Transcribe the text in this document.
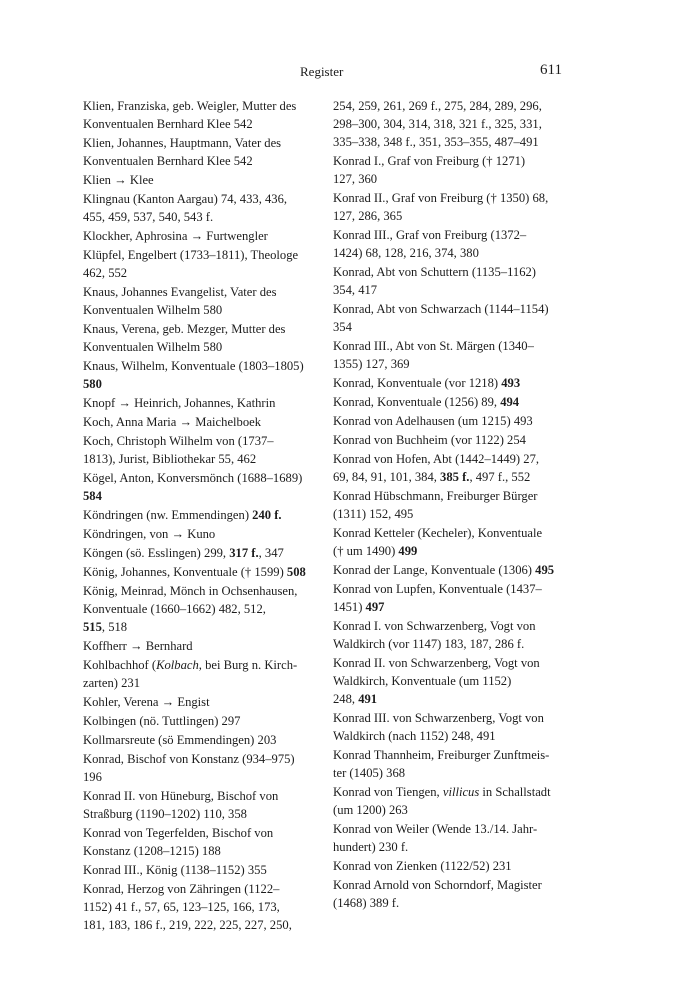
Register	611
Klien, Franziska, geb. Weigler, Mutter des
Konventualen Bernhard Klee 542
Klien, Johannes, Hauptmann, Vater des
Konventualen Bernhard Klee 542
Klien → Klee
Klingnau (Kanton Aargau) 74, 433, 436,
455, 459, 537, 540, 543 f.
Klockher, Aphrosina → Furtwengler
Klüpfel, Engelbert (1733–1811), Theologe
462, 552
Knaus, Johannes Evangelist, Vater des
Konventualen Wilhelm 580
Knaus, Verena, geb. Mezger, Mutter des
Konventualen Wilhelm 580
Knaus, Wilhelm, Konventuale (1803–1805)
580
Knopf → Heinrich, Johannes, Kathrin
Koch, Anna Maria → Maichelboek
Koch, Christoph Wilhelm von (1737–
1813), Jurist, Bibliothekar 55, 462
Kögel, Anton, Konversmönch (1688–1689)
584
Köndringen (nw. Emmendingen) 240 f.
Köndringen, von → Kuno
Köngen (sö. Esslingen) 299, 317 f., 347
König, Johannes, Konventuale († 1599) 508
König, Meinrad, Mönch in Ochsenhausen,
Konventuale (1660–1662) 482, 512,
515, 518
Koffherr → Bernhard
Kohlbachhof (Kolbach, bei Burg n. Kirch-
zarten) 231
Kohler, Verena → Engist
Kolbingen (nö. Tuttlingen) 297
Kollmarsreute (sö Emmendingen) 203
Konrad, Bischof von Konstanz (934–975)
196
Konrad II. von Hüneburg, Bischof von
Straßburg (1190–1202) 110, 358
Konrad von Tegerfelden, Bischof von
Konstanz (1208–1215) 188
Konrad III., König (1138–1152) 355
Konrad, Herzog von Zähringen (1122–
1152) 41 f., 57, 65, 123–125, 166, 173,
181, 183, 186 f., 219, 222, 225, 227, 250,
254, 259, 261, 269 f., 275, 284, 289, 296,
298–300, 304, 314, 318, 321 f., 325, 331,
335–338, 348 f., 351, 353–355, 487–491
Konrad I., Graf von Freiburg († 1271)
127, 360
Konrad II., Graf von Freiburg († 1350) 68,
127, 286, 365
Konrad III., Graf von Freiburg (1372–
1424) 68, 128, 216, 374, 380
Konrad, Abt von Schuttern (1135–1162)
354, 417
Konrad, Abt von Schwarzach (1144–1154)
354
Konrad III., Abt von St. Märgen (1340–
1355) 127, 369
Konrad, Konventuale (vor 1218) 493
Konrad, Konventuale (1256) 89, 494
Konrad von Adelhausen (um 1215) 493
Konrad von Buchheim (vor 1122) 254
Konrad von Hofen, Abt (1442–1449) 27,
69, 84, 91, 101, 384, 385 f., 497 f., 552
Konrad Hübschmann, Freiburger Bürger
(1311) 152, 495
Konrad Ketteler (Kecheler), Konventuale
(† um 1490) 499
Konrad der Lange, Konventuale (1306) 495
Konrad von Lupfen, Konventuale (1437–
1451) 497
Konrad I. von Schwarzenberg, Vogt von
Waldkirch (vor 1147) 183, 187, 286 f.
Konrad II. von Schwarzenberg, Vogt von
Waldkirch, Konventuale (um 1152)
248, 491
Konrad III. von Schwarzenberg, Vogt von
Waldkirch (nach 1152) 248, 491
Konrad Thannheim, Freiburger Zunftmeis-
ter (1405) 368
Konrad von Tiengen, villicus in Schallstadt
(um 1200) 263
Konrad von Weiler (Wende 13./14. Jahr-
hundert) 230 f.
Konrad von Zienken (1122/52) 231
Konrad Arnold von Schorndorf, Magister
(1468) 389 f.
